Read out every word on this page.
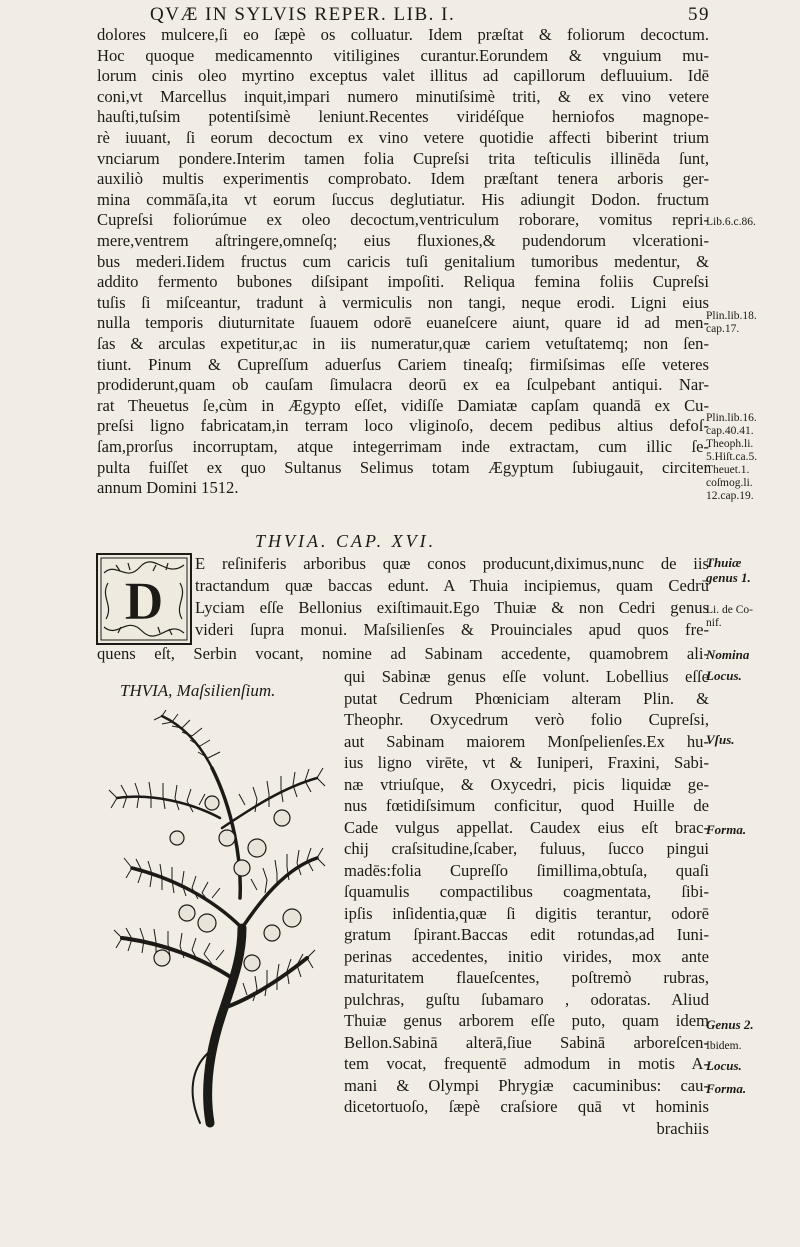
QVÆ IN SYLVIS REPER. LIB. I.	59
dolores mulcere,ſi eo ſæpè os colluatur. Idem præſtat & foliorum decoctum.
Hoc quoque medicamennto vitiligines curantur.Eorundem & vnguium mu-
lorum cinis oleo myrtino exceptus valet illitus ad capillorum defluuium. Idē
coni,vt Marcellus inquit,impari numero minutiſsimè triti, & ex vino vetere
hauſti,tuſsim potentiſsimè leniunt.Recentes viridéſque herniofos magnope-
rè iuuant, ſi eorum decoctum ex vino vetere quotidie affecti biberint trium
vnciarum pondere.Interim tamen folia Cupreſsi trita teſticulis illinēda ſunt,
auxiliò multis experimentis comprobato. Idem præſtant tenera arboris ger-
mina commāſa,ita vt eorum ſuccus deglutiatur. His adiungit Dodon. fructum
Cupreſsi foliorúmue ex oleo decoctum,ventriculum roborare, vomitus repri-
mere,ventrem aſtringere,omneſq; eius fluxiones,& pudendorum vlcerationi-
bus mederi.Iidem fructus cum caricis tuſi genitalium tumoribus medentur, &
addito fermento bubones diſsipant impoſiti. Reliqua femina foliis Cupreſsi
tuſis ſi miſceantur, tradunt à vermiculis non tangi, neque erodi. Ligni eius
nulla temporis diuturnitate ſuauem odorē euaneſcere aiunt, quare id ad men-
ſas & arculas expetitur,ac in iis numeratur,quæ cariem vetuſtatemq; non ſen-
tiunt. Pinum & Cupreſſum aduerſus Cariem tineaſq; firmiſsimas eſſe veteres
prodiderunt,quam ob cauſam ſimulacra deorū ex ea ſculpebant antiqui. Nar-
rat Theuetus ſe,cùm in Ægypto eſſet, vidiſſe Damiatæ capſam quandā ex Cu-
preſsi ligno fabricatam,in terram loco vliginoſo, decem pedibus altius defoſ-
ſam,prorſus incorruptam, atque integerrimam inde extractam, cum illic ſe-
pulta fuiſſet ex quo Sultanus Selimus totam Ægyptum ſubiugauit, circiter
annum Domini 1512.
THVIA. CAP. XVI.
D
E reſiniferis arboribus quæ conos producunt,diximus,nunc de iis
tractandum quæ baccas edunt. A Thuia incipiemus, quam Cedrū
Lyciam eſſe Bellonius exiſtimauit.Ego Thuiæ & non Cedri genus
videri ſupra monui. Maſsilienſes & Prouinciales apud quos fre-
quens eſt, Serbin vocant, nomine ad Sabinam accedente, quamobrem ali-
THVIA, Maſsilienſium.
qui Sabinæ genus eſſe volunt. Lobellius eſſe
putat Cedrum Phœniciam alteram Plin. &
Theophr. Oxycedrum verò folio Cupreſsi,
aut Sabinam maiorem Monſpelienſes.Ex hu-
ius ligno virēte, vt & Iuniperi, Fraxini, Sabi-
næ vtriuſque, & Oxycedri, picis liquidæ ge-
nus fœtidiſsimum conficitur, quod Huille de
Cade vulgus appellat. Caudex eius eſt brac-
chij craſsitudine,ſcaber, fuluus, ſucco pingui
madēs:folia Cupreſſo ſimillima,obtuſa, quaſi
ſquamulis compactilibus coagmentata, ſibi-
ipſis inſidentia,quæ ſi digitis terantur, odorē
gratum ſpirant.Baccas edit rotundas,ad Iuni-
perinas accedentes, initio virides, mox ante
maturitatem flaueſcentes, poſtremò rubras,
pulchras, guſtu ſubamaro , odoratas. Aliud
Thuiæ genus arborem eſſe puto, quam idem
Bellon.Sabinā alterā,ſiue Sabinā arboreſcen-
tem vocat, frequentē admodum in motis A-
mani & Olympi Phrygiæ cacuminibus: cau-
dicetortuoſo, ſæpè craſsiore quā vt hominis
brachiis
Lib.6.c.86.
Plin.lib.18.
cap.17.
Plin.lib.16.
cap.40.41.
Theoph.li.
5.Hiſt.ca.5.
Theuet.1.
coſmog.li.
12.cap.19.
Thuiæ
genus 1.
Li. de Co-
nif.
Nomina
Locus.
Vſus.
Forma.
Genus 2.
Ibidem.
Locus.
Forma.
